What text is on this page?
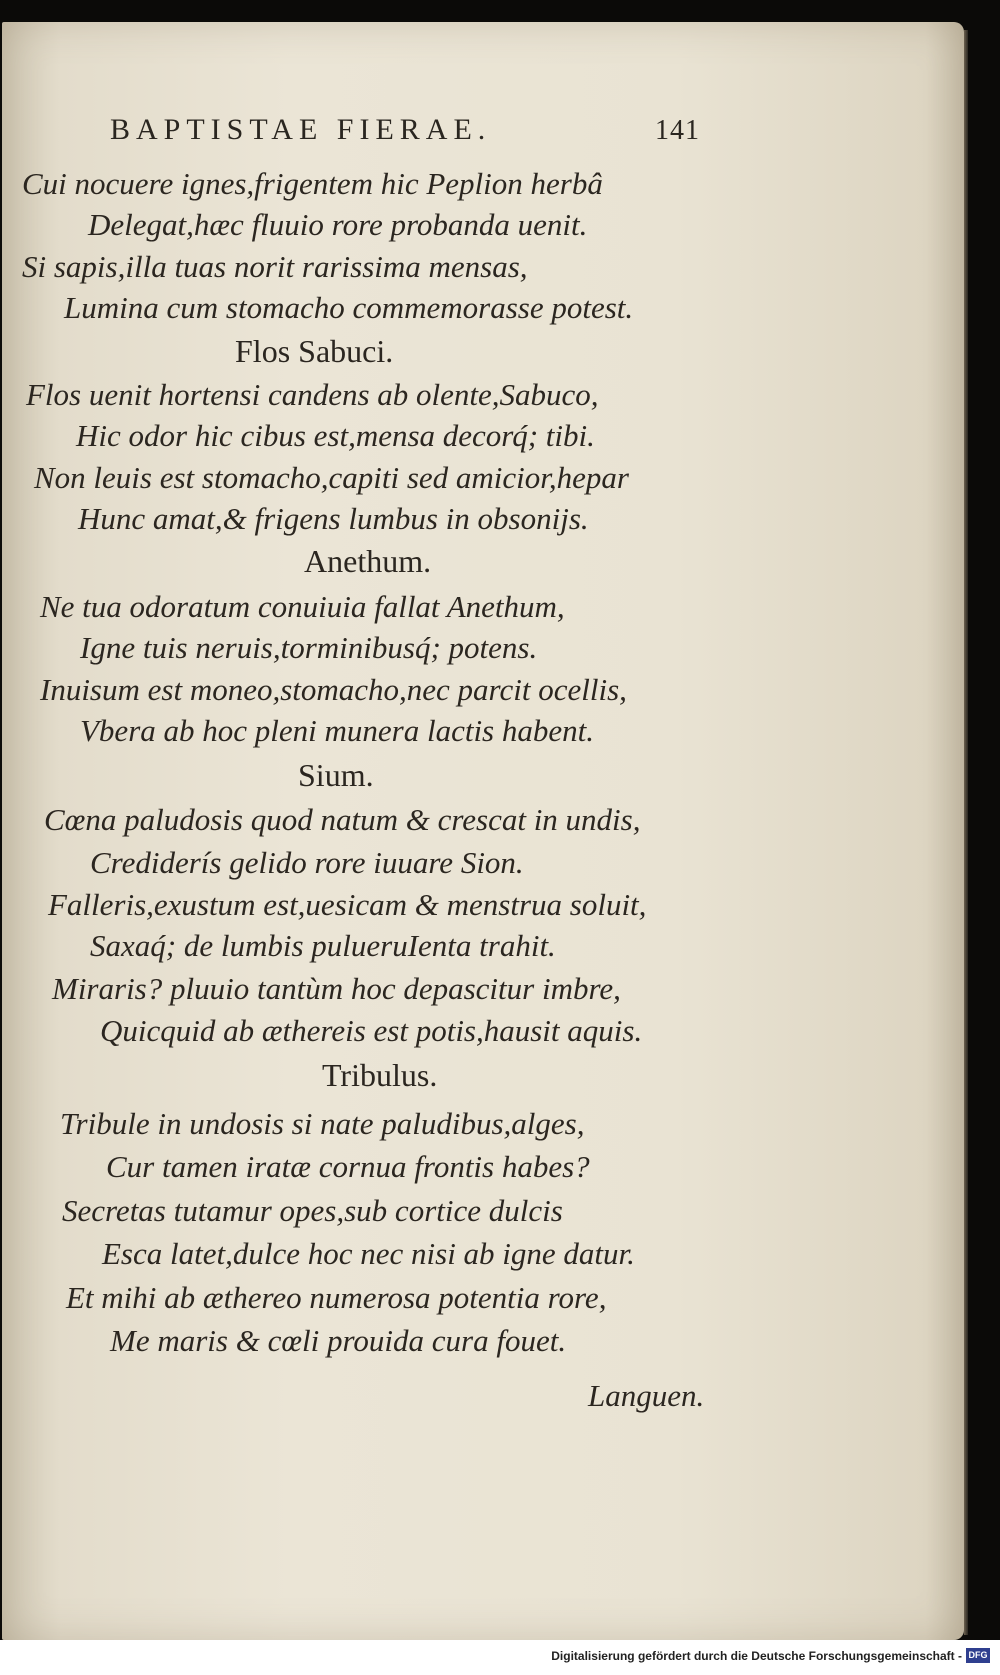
BAPTISTAE FIERAE.	141
Cui nocuere ignes,frigentem hic Peplion herbâ
Delegat,hæc fluuio rore probanda uenit.
Si sapis,illa tuas norit rarissima mensas,
Lumina cum stomacho commemorasse potest.
Flos Sabuci.
Flos uenit hortensi candens ab olente,Sabuco,
Hic odor hic cibus est,mensa decorq́; tibi.
Non leuis est stomacho,capiti sed amicior,hepar
Hunc amat,& frigens lumbus in obsonijs.
Anethum.
Ne tua odoratum conuiuia fallat Anethum,
Igne tuis neruis,torminibusq́; potens.
Inuisum est moneo,stomacho,nec parcit ocellis,
Vbera ab hoc pleni munera lactis habent.
Sium.
Cœna paludosis quod natum & crescat in undis,
Crediderís gelido rore iuuare Sion.
Falleris,exustum est,uesicam & menstrua soluit,
Saxaq́; de lumbis pulueruIenta trahit.
Miraris? pluuio tantùm hoc depascitur imbre,
Quicquid ab æthereis est potis,hausit aquis.
Tribulus.
Tribule in undosis si nate paludibus,alges,
Cur tamen iratæ cornua frontis habes?
Secretas tutamur opes,sub cortice dulcis
Esca latet,dulce hoc nec nisi ab igne datur.
Et mihi ab æthereo numerosa potentia rore,
Me maris & cœli prouida cura fouet.
Languen.
Digitalisierung gefördert durch die Deutsche Forschungsgemeinschaft - DFG
